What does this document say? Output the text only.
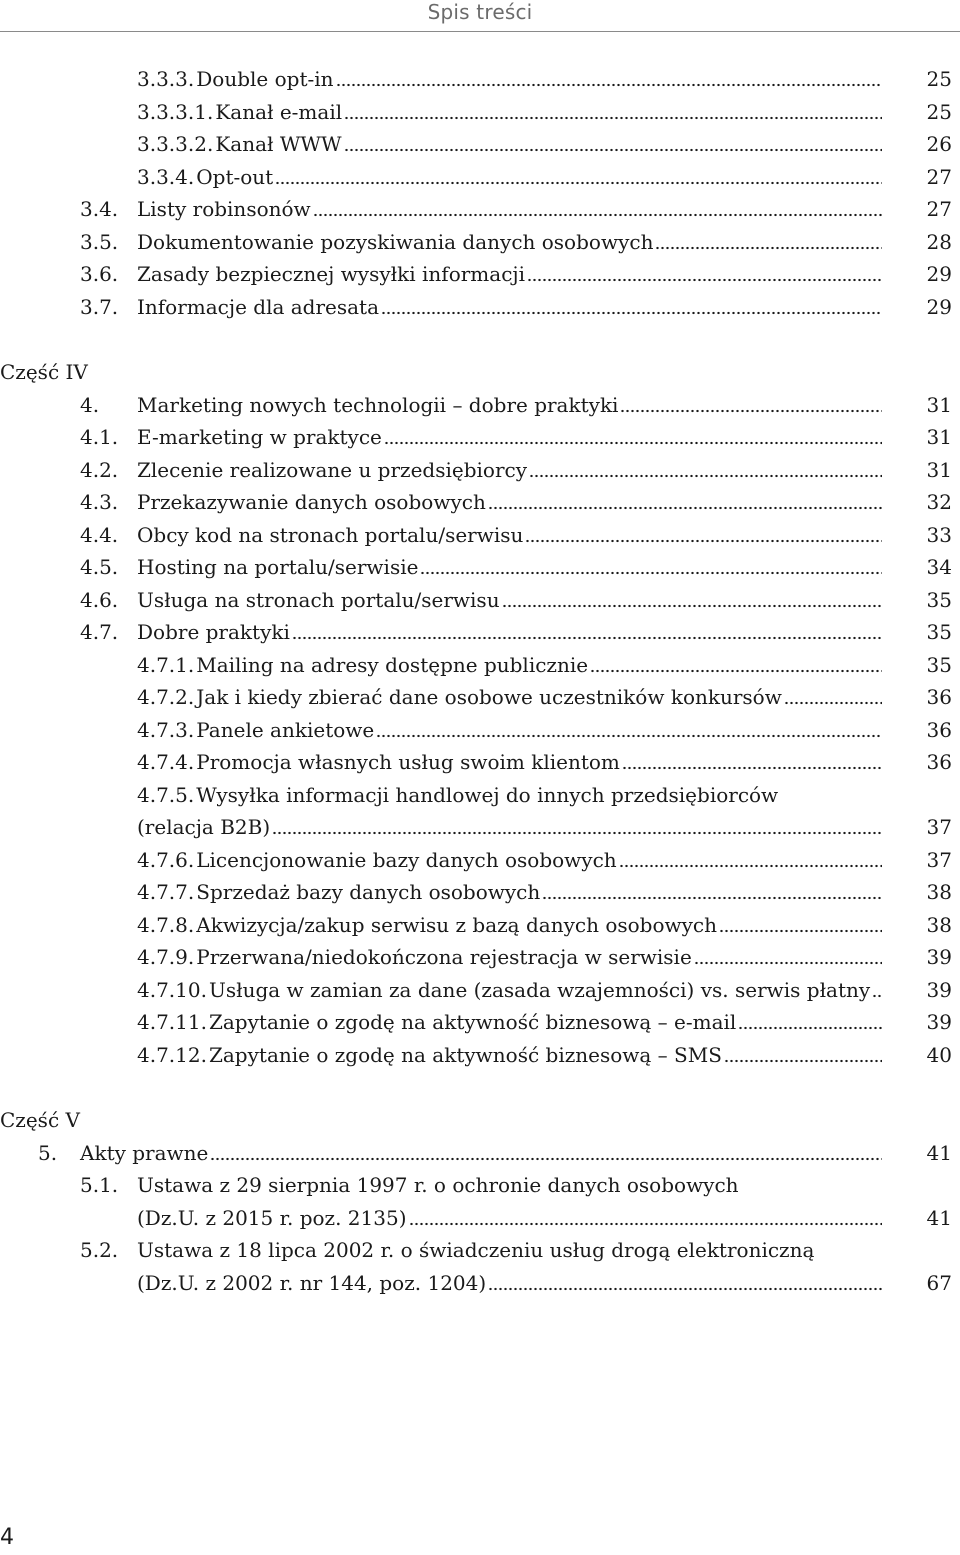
Spis treści
3.3.3. Double opt-in	25
3.3.3.1. Kanał e-mail	25
3.3.3.2. Kanał WWW	26
3.3.4. Opt-out	27
3.4. Listy robinsonów	27
3.5. Dokumentowanie pozyskiwania danych osobowych	28
3.6. Zasady bezpiecznej wysyłki informacji	29
3.7. Informacje dla adresata	29
Część IV
4. Marketing nowych technologii – dobre praktyki	31
4.1. E-marketing w praktyce	31
4.2. Zlecenie realizowane u przedsiębiorcy	31
4.3. Przekazywanie danych osobowych	32
4.4. Obcy kod na stronach portalu/serwisu	33
4.5. Hosting na portalu/serwisie	34
4.6. Usługa na stronach portalu/serwisu	35
4.7. Dobre praktyki	35
4.7.1. Mailing na adresy dostępne publicznie	35
4.7.2. Jak i kiedy zbierać dane osobowe uczestników konkursów	36
4.7.3. Panele ankietowe	36
4.7.4. Promocja własnych usług swoim klientom	36
4.7.5. Wysyłka informacji handlowej do innych przedsiębiorców
(relacja B2B)	37
4.7.6. Licencjonowanie bazy danych osobowych	37
4.7.7. Sprzedaż bazy danych osobowych	38
4.7.8. Akwizycja/zakup serwisu z bazą danych osobowych	38
4.7.9. Przerwana/niedokończona rejestracja w serwisie	39
4.7.10. Usługa w zamian za dane (zasada wzajemności) vs. serwis płatny	39
4.7.11. Zapytanie o zgodę na aktywność biznesową – e-mail	39
4.7.12. Zapytanie o zgodę na aktywność biznesową – SMS	40
Część V
5. Akty prawne	41
5.1. Ustawa z 29 sierpnia 1997 r. o ochronie danych osobowych
(Dz.U. z 2015 r. poz. 2135)	41
5.2. Ustawa z 18 lipca 2002 r. o świadczeniu usług drogą elektroniczną
(Dz.U. z 2002 r. nr 144, poz. 1204)	67
4
